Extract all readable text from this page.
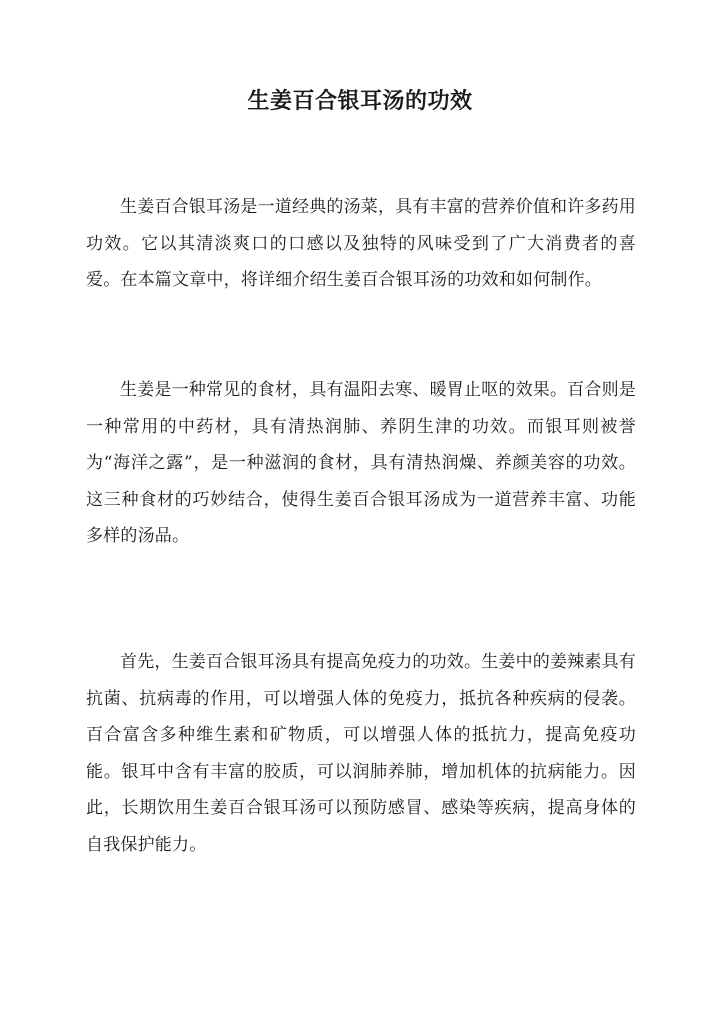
生姜百合银耳汤的功效

生姜百合银耳汤是一道经典的汤菜，具有丰富的营养价值和许多药用功效。它以其清淡爽口的口感以及独特的风味受到了广大消费者的喜爱。在本篇文章中，将详细介绍生姜百合银耳汤的功效和如何制作。

生姜是一种常见的食材，具有温阳去寒、暖胃止呕的效果。百合则是一种常用的中药材，具有清热润肺、养阴生津的功效。而银耳则被誉为“海洋之露”，是一种滋润的食材，具有清热润燥、养颜美容的功效。这三种食材的巧妙结合，使得生姜百合银耳汤成为一道营养丰富、功能多样的汤品。

首先，生姜百合银耳汤具有提高免疫力的功效。生姜中的姜辣素具有抗菌、抗病毒的作用，可以增强人体的免疫力，抵抗各种疾病的侵袭。百合富含多种维生素和矿物质，可以增强人体的抵抗力，提高免疫功能。银耳中含有丰富的胶质，可以润肺养肺，增加机体的抗病能力。因此，长期饮用生姜百合银耳汤可以预防感冒、感染等疾病，提高身体的自我保护能力。
